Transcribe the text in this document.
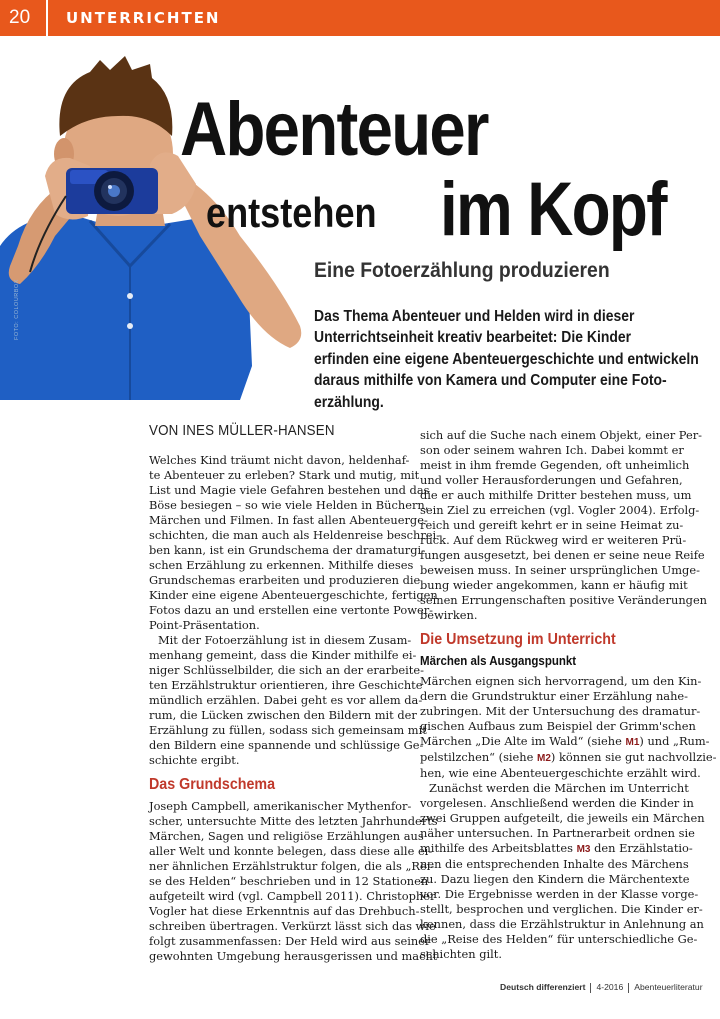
20 UNTERRICHTEN
FOTO: COLOURBOX
Abenteuer
entstehen im Kopf
Eine Fotoerzählung produzieren
Das Thema Abenteuer und Helden wird in dieser
Unterrichtseinheit kreativ bearbeitet: Die Kinder
erfinden eine eigene Abenteuergeschichte und entwickeln
daraus mithilfe von Kamera und Computer eine Foto-
erzählung.
VON INES MÜLLER-HANSEN
Welches Kind träumt nicht davon, heldenhaf-
te Abenteuer zu erleben? Stark und mutig, mit
List und Magie viele Gefahren bestehen und das
Böse besiegen – so wie viele Helden in Büchern,
Märchen und Filmen. In fast allen Abenteuerge-
schichten, die man auch als Heldenreise beschrei-
ben kann, ist ein Grundschema der dramaturgi-
schen Erzählung zu erkennen. Mithilfe dieses
Grundschemas erarbeiten und produzieren die
Kinder eine eigene Abenteuergeschichte, fertigen
Fotos dazu an und erstellen eine vertonte Power-
Point-Präsentation.
Mit der Fotoerzählung ist in diesem Zusam-
menhang gemeint, dass die Kinder mithilfe ei-
niger Schlüsselbilder, die sich an der erarbeite-
ten Erzählstruktur orientieren, ihre Geschichte
mündlich erzählen. Dabei geht es vor allem da-
rum, die Lücken zwischen den Bildern mit der
Erzählung zu füllen, sodass sich gemeinsam mit
den Bildern eine spannende und schlüssige Ge-
schichte ergibt.
Das Grundschema
Joseph Campbell, amerikanischer Mythenfor-
scher, untersuchte Mitte des letzten Jahrhunderts
Märchen, Sagen und religiöse Erzählungen aus
aller Welt und konnte belegen, dass diese alle ei-
ner ähnlichen Erzählstruktur folgen, die als „Rei-
se des Helden“ beschrieben und in 12 Stationen
aufgeteilt wird (vgl. Campbell 2011). Christopher
Vogler hat diese Erkenntnis auf das Drehbuch-
schreiben übertragen. Verkürzt lässt sich das wie
folgt zusammenfassen: Der Held wird aus seiner
gewohnten Umgebung herausgerissen und macht
sich auf die Suche nach einem Objekt, einer Per-
son oder seinem wahren Ich. Dabei kommt er
meist in ihm fremde Gegenden, oft unheimlich
und voller Herausforderungen und Gefahren,
die er auch mithilfe Dritter bestehen muss, um
sein Ziel zu erreichen (vgl. Vogler 2004). Erfolg-
reich und gereift kehrt er in seine Heimat zu-
rück. Auf dem Rückweg wird er weiteren Prü-
fungen ausgesetzt, bei denen er seine neue Reife
beweisen muss. In seiner ursprünglichen Umge-
bung wieder angekommen, kann er häufig mit
seinen Errungenschaften positive Veränderungen
bewirken.
Die Umsetzung im Unterricht
Märchen als Ausgangspunkt
Märchen eignen sich hervorragend, um den Kin-
dern die Grundstruktur einer Erzählung nahe-
zubringen. Mit der Untersuchung des dramatur-
gischen Aufbaus zum Beispiel der Grimm'schen
Märchen „Die Alte im Wald“ (siehe M1) und „Rum-
pelstilzchen“ (siehe M2) können sie gut nachvollzie-
hen, wie eine Abenteuergeschichte erzählt wird.
Zunächst werden die Märchen im Unterricht
vorgelesen. Anschließend werden die Kinder in
zwei Gruppen aufgeteilt, die jeweils ein Märchen
näher untersuchen. In Partnerarbeit ordnen sie
mithilfe des Arbeitsblattes M3 den Erzählstatio-
nen die entsprechenden Inhalte des Märchens
zu. Dazu liegen den Kindern die Märchentexte
vor. Die Ergebnisse werden in der Klasse vorge-
stellt, besprochen und verglichen. Die Kinder er-
kennen, dass die Erzählstruktur in Anlehnung an
die „Reise des Helden“ für unterschiedliche Ge-
schichten gilt.
Deutsch differenziert 4-2016 Abenteuerliteratur
